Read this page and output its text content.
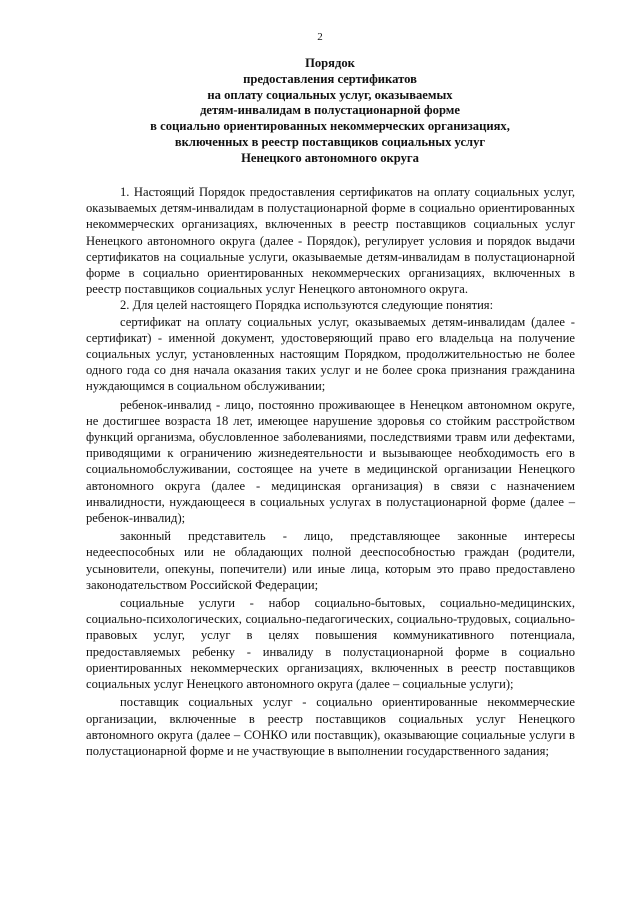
2
Порядок
предоставления сертификатов
на оплату социальных услуг, оказываемых
детям-инвалидам в полустационарной форме
в социально ориентированных некоммерческих организациях,
включенных в реестр поставщиков социальных услуг
Ненецкого автономного округа

1. Настоящий Порядок предоставления сертификатов на оплату социальных услуг, оказываемых детям-инвалидам в полустационарной форме в социально ориентированных некоммерческих организациях, включенных в реестр поставщиков социальных услуг Ненецкого автономного округа (далее - Порядок), регулирует условия и порядок выдачи сертификатов на социальные услуги, оказываемые детям-инвалидам в полустационарной форме в социально ориентированных некоммерческих организациях, включенных в реестр поставщиков социальных услуг Ненецкого автономного округа.

2. Для целей настоящего Порядка используются следующие понятия:

сертификат на оплату социальных услуг, оказываемых детям-инвалидам (далее - сертификат) - именной документ, удостоверяющий право его владельца на получение социальных услуг, установленных настоящим Порядком, продолжительностью не более одного года со дня начала оказания таких услуг и не более срока признания гражданина нуждающимся в социальном обслуживании;

ребенок-инвалид - лицо, постоянно проживающее в Ненецком автономном округе, не достигшее возраста 18 лет, имеющее нарушение здоровья со стойким расстройством функций организма, обусловленное заболеваниями, последствиями травм или дефектами, приводящими к ограничению жизнедеятельности и вызывающее необходимость его в социальномобслуживании, состоящее на учете в медицинской организации Ненецкого автономного округа (далее - медицинская организация) в связи с назначением инвалидности, нуждающееся в социальных услугах в полустационарной форме (далее – ребенок-инвалид);

законный представитель - лицо, представляющее законные интересы недееспособных или не обладающих полной дееспособностью граждан (родители, усыновители, опекуны, попечители) или иные лица, которым это право предоставлено законодательством Российской Федерации;

социальные услуги - набор социально-бытовых, социально-медицинских, социально-психологических, социально-педагогических, социально-трудовых, социально-правовых услуг, услуг в целях повышения коммуникативного потенциала, предоставляемых ребенку - инвалиду в полустационарной форме в социально ориентированных некоммерческих организациях, включенных в реестр поставщиков социальных услуг Ненецкого автономного округа (далее – социальные услуги);

поставщик социальных услуг - социально ориентированные некоммерческие организации, включенные в реестр поставщиков социальных услуг Ненецкого автономного округа (далее – СОНКО или поставщик), оказывающие социальные услуги в полустационарной форме и не участвующие в выполнении государственного задания;
